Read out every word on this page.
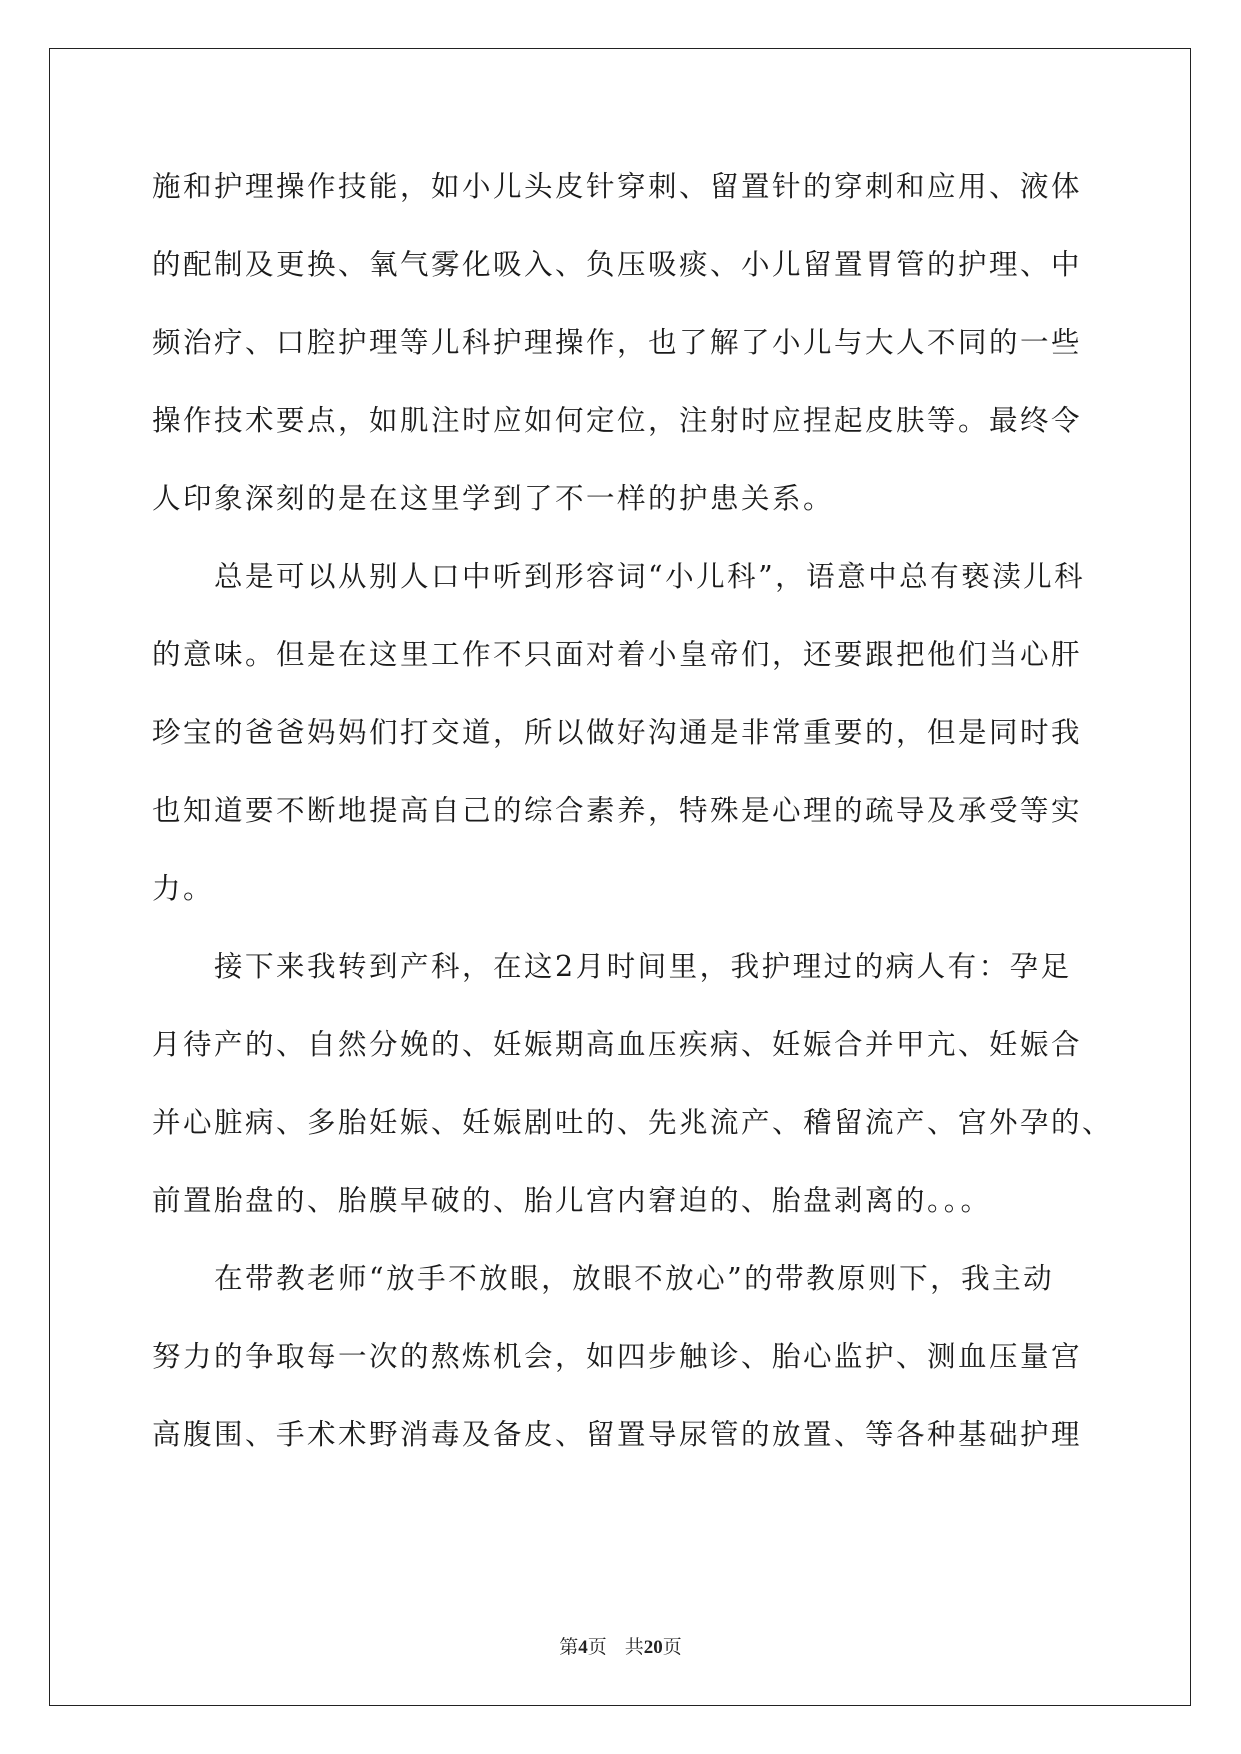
施和护理操作技能，如小儿头皮针穿刺、留置针的穿刺和应用、液体
的配制及更换、氧气雾化吸入、负压吸痰、小儿留置胃管的护理、中
频治疗、口腔护理等儿科护理操作，也了解了小儿与大人不同的一些
操作技术要点，如肌注时应如何定位，注射时应捏起皮肤等。最终令
人印象深刻的是在这里学到了不一样的护患关系。
总是可以从别人口中听到形容词“小儿科”，语意中总有亵渎儿科
的意味。但是在这里工作不只面对着小皇帝们，还要跟把他们当心肝
珍宝的爸爸妈妈们打交道，所以做好沟通是非常重要的，但是同时我
也知道要不断地提高自己的综合素养，特殊是心理的疏导及承受等实
力。
接下来我转到产科，在这2月时间里，我护理过的病人有：孕足
月待产的、自然分娩的、妊娠期高血压疾病、妊娠合并甲亢、妊娠合
并心脏病、多胎妊娠、妊娠剧吐的、先兆流产、稽留流产、宫外孕的、
前置胎盘的、胎膜早破的、胎儿宫内窘迫的、胎盘剥离的。。。
在带教老师“放手不放眼，放眼不放心”的带教原则下，我主动
努力的争取每一次的熬炼机会，如四步触诊、胎心监护、测血压量宫
高腹围、手术术野消毒及备皮、留置导尿管的放置、等各种基础护理
第4页 共20页
